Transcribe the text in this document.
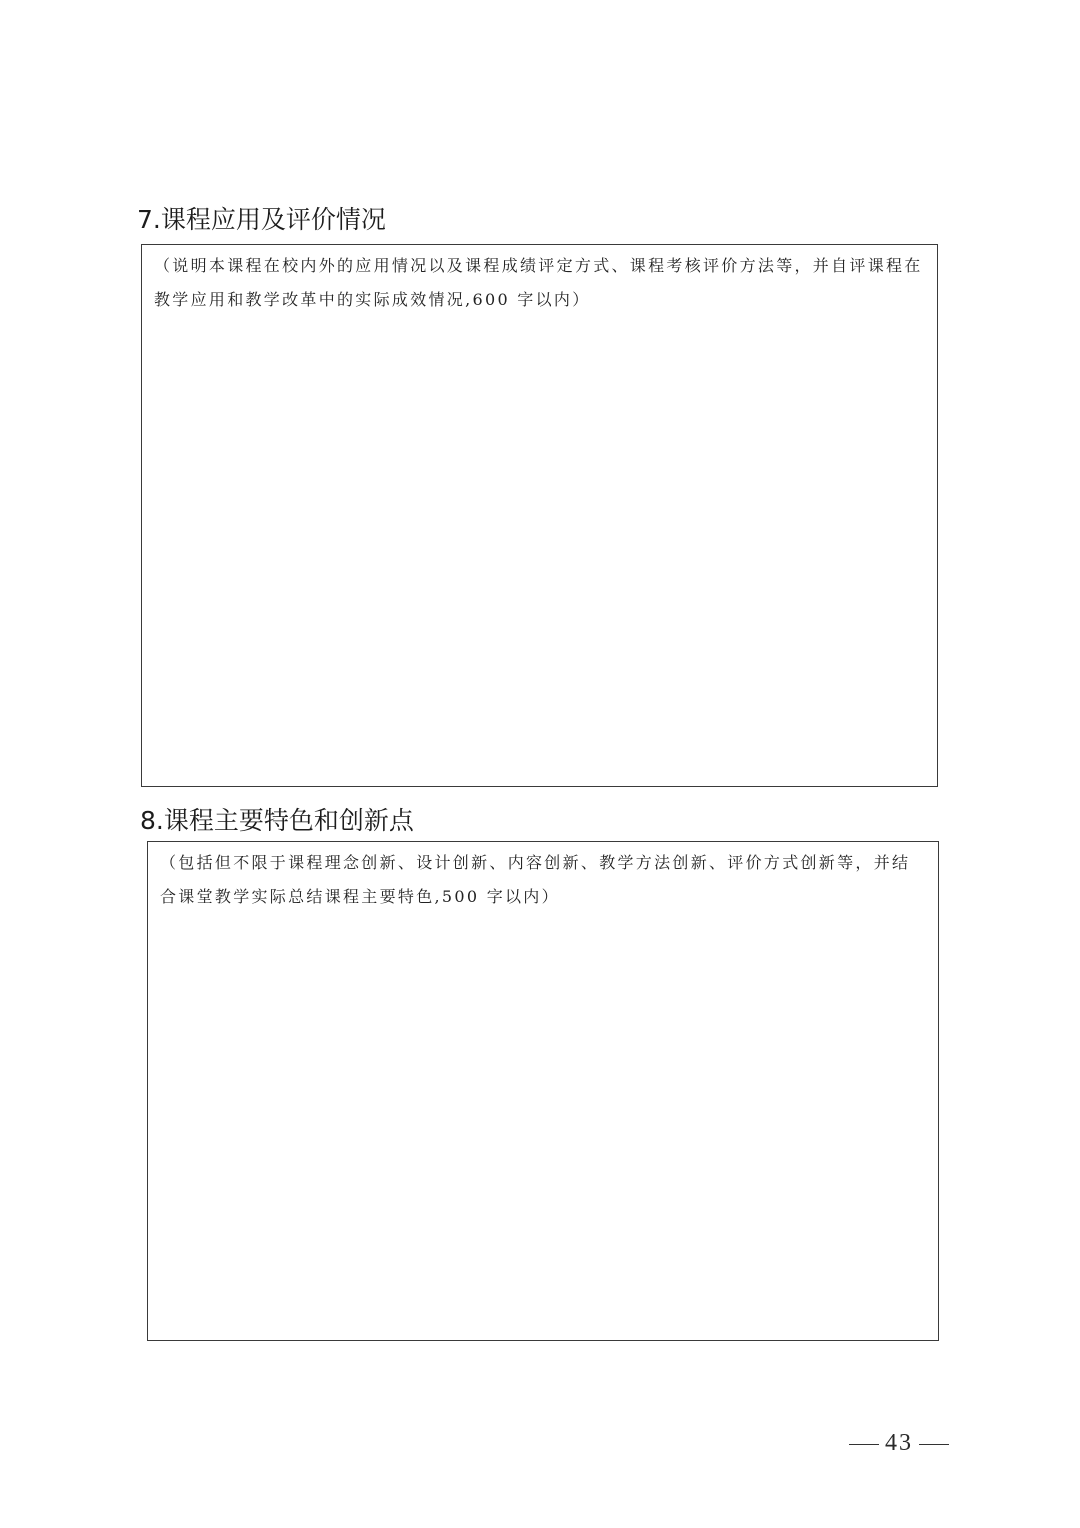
7.课程应用及评价情况
（说明本课程在校内外的应用情况以及课程成绩评定方式、课程考核评价方法等，并自评课程在教学应用和教学改革中的实际成效情况,600 字以内）
8.课程主要特色和创新点
（包括但不限于课程理念创新、设计创新、内容创新、教学方法创新、评价方式创新等，并结合课堂教学实际总结课程主要特色,500 字以内）
43
